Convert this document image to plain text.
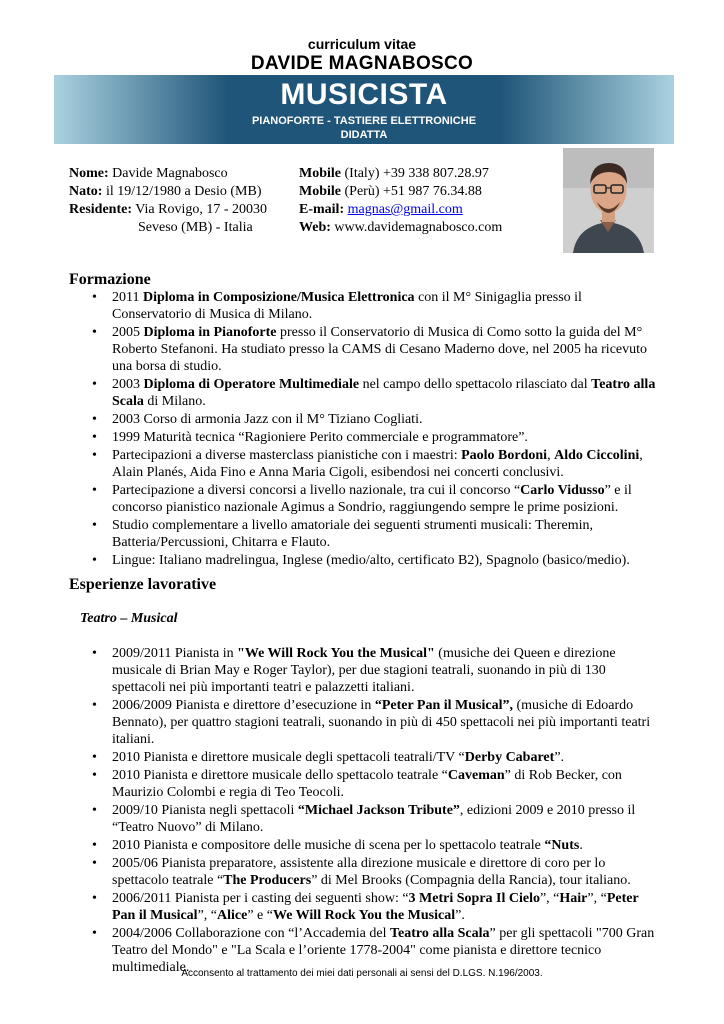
curriculum vitae
DAVIDE MAGNABOSCO
MUSICISTA
PIANOFORTE - TASTIERE ELETTRONICHE
DIDATTA
Nome: Davide Magnabosco
Nato: il 19/12/1980 a Desio (MB)
Residente: Via Rovigo, 17 - 20030
Seveso (MB) - Italia
Mobile (Italy) +39 338 807.28.97
Mobile (Perù) +51 987 76.34.88
E-mail: magnas@gmail.com
Web: www.davidemagnabosco.com
Formazione
• 2011 Diploma in Composizione/Musica Elettronica con il M° Sinigaglia presso il Conservatorio di Musica di Milano.
• 2005 Diploma in Pianoforte presso il Conservatorio di Musica di Como sotto la guida del M° Roberto Stefanoni. Ha studiato presso la CAMS di Cesano Maderno dove, nel 2005 ha ricevuto una borsa di studio.
• 2003 Diploma di Operatore Multimediale nel campo dello spettacolo rilasciato dal Teatro alla Scala di Milano.
• 2003 Corso di armonia Jazz con il M° Tiziano Cogliati.
• 1999 Maturità tecnica “Ragioniere Perito commerciale e programmatore”.
• Partecipazioni a diverse masterclass pianistiche con i maestri: Paolo Bordoni, Aldo Ciccolini, Alain Planés, Aida Fino e Anna Maria Cigoli, esibendosi nei concerti conclusivi.
• Partecipazione a diversi concorsi a livello nazionale, tra cui il concorso “Carlo Vidusso” e il concorso pianistico nazionale Agimus a Sondrio, raggiungendo sempre le prime posizioni.
• Studio complementare a livello amatoriale dei seguenti strumenti musicali: Theremin, Batteria/Percussioni, Chitarra e Flauto.
• Lingue: Italiano madrelingua, Inglese (medio/alto, certificato B2), Spagnolo (basico/medio).
Esperienze lavorative
Teatro – Musical
• 2009/2011 Pianista in "We Will Rock You the Musical" (musiche dei Queen e direzione musicale di Brian May e Roger Taylor), per due stagioni teatrali, suonando in più di 130 spettacoli nei più importanti teatri e palazzetti italiani.
• 2006/2009 Pianista e direttore d’esecuzione in “Peter Pan il Musical”, (musiche di Edoardo Bennato), per quattro stagioni teatrali, suonando in più di 450 spettacoli nei più importanti teatri italiani.
• 2010 Pianista e direttore musicale degli spettacoli teatrali/TV “Derby Cabaret”.
• 2010 Pianista e direttore musicale dello spettacolo teatrale “Caveman” di Rob Becker, con Maurizio Colombi e regia di Teo Teocoli.
• 2009/10 Pianista negli spettacoli “Michael Jackson Tribute”, edizioni 2009 e 2010 presso il “Teatro Nuovo” di Milano.
• 2010 Pianista e compositore delle musiche di scena per lo spettacolo teatrale “Nuts.
• 2005/06 Pianista preparatore, assistente alla direzione musicale e direttore di coro per lo spettacolo teatrale “The Producers” di Mel Brooks (Compagnia della Rancia), tour italiano.
• 2006/2011 Pianista per i casting dei seguenti show: “3 Metri Sopra Il Cielo”, “Hair”, “Peter Pan il Musical”, “Alice” e “We Will Rock You the Musical”.
• 2004/2006 Collaborazione con “l’Accademia del Teatro alla Scala” per gli spettacoli "700 Gran Teatro del Mondo" e "La Scala e l’oriente 1778-2004" come pianista e direttore tecnico multimediale.
Acconsento al trattamento dei miei dati personali ai sensi del D.LGS. N.196/2003.
